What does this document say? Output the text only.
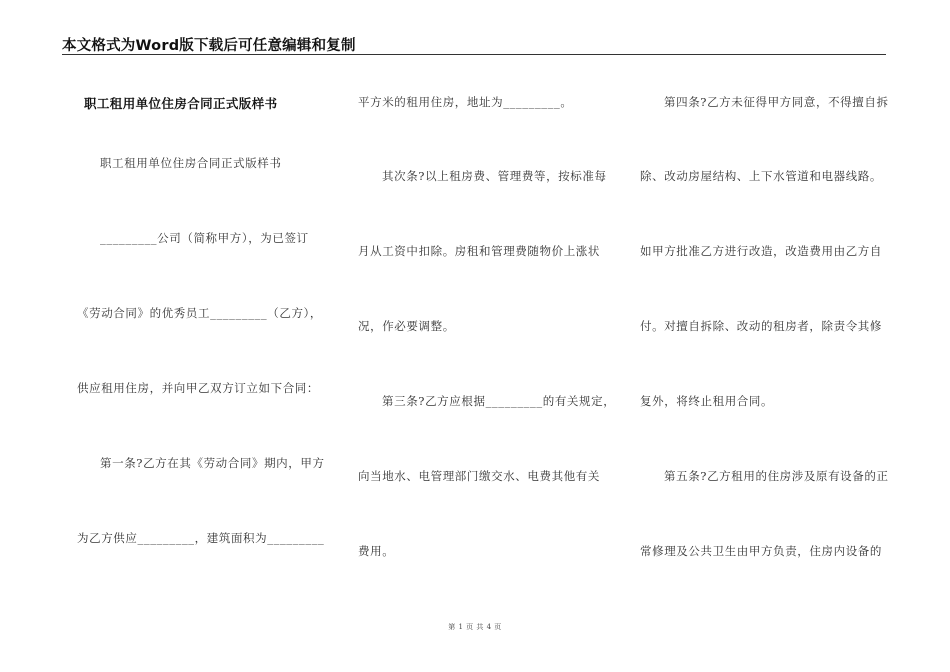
本文格式为Word版下载后可任意编辑和复制
职工租用单位住房合同正式版样书
职工租用单位住房合同正式版样书
_________公司（简称甲方），为已签订
《劳动合同》的优秀员工_________（乙方），
供应租用住房，并向甲乙双方订立如下合同：
第一条?乙方在其《劳动合同》期内，甲方
为乙方供应_________，建筑面积为_________
平方米的租用住房，地址为_________。
其次条?以上租房费、管理费等，按标准每
月从工资中扣除。房租和管理费随物价上涨状
况，作必要调整。
第三条?乙方应根据_________的有关规定，
向当地水、电管理部门缴交水、电费其他有关
费用。
第四条?乙方未征得甲方同意，不得擅自拆
除、改动房屋结构、上下水管道和电器线路。
如甲方批准乙方进行改造，改造费用由乙方自
付。对擅自拆除、改动的租房者，除责令其修
复外，将终止租用合同。
第五条?乙方租用的住房涉及原有设备的正
常修理及公共卫生由甲方负责，住房内设备的
第 1 页 共 4 页
